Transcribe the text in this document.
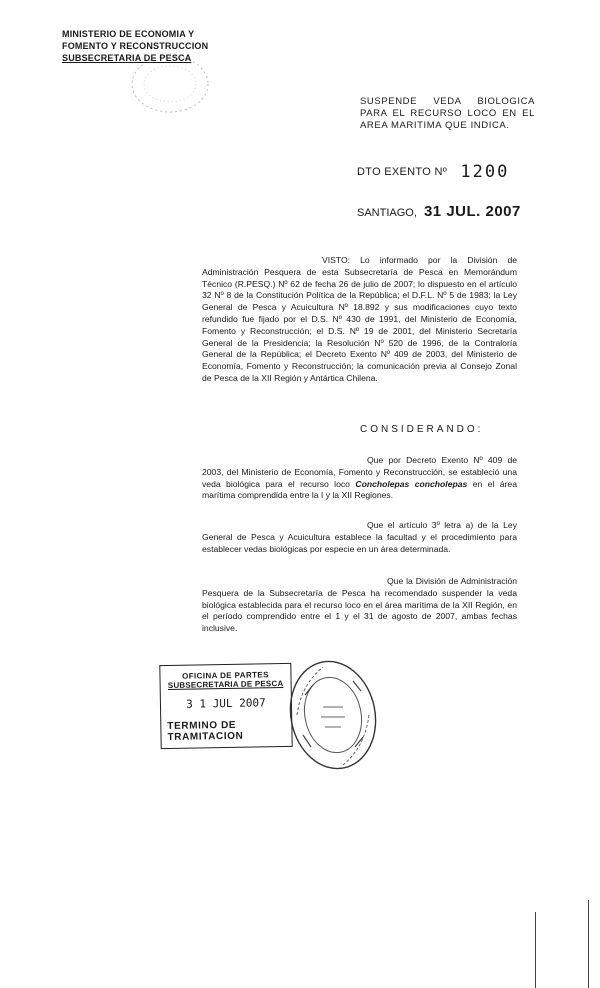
MINISTERIO DE ECONOMIA Y
FOMENTO Y RECONSTRUCCION
SUBSECRETARIA DE PESCA
SUSPENDE VEDA BIOLOGICA PARA EL RECURSO LOCO EN EL AREA MARITIMA QUE INDICA.
DTO EXENTO Nº 1200
SANTIAGO, 31 JUL. 2007
VISTO: Lo informado por la División de Administración Pesquera de esta Subsecretaría de Pesca en Memorándum Técnico (R.PESQ.) Nº 62 de fecha 26 de julio de 2007; lo dispuesto en el artículo 32 Nº 8 de la Constitución Política de la República; el D.F.L. Nº 5 de 1983; la Ley General de Pesca y Acuicultura Nº 18.892 y sus modificaciones cuyo texto refundido fue fijado por el D.S. Nº 430 de 1991, del Ministerio de Economía, Fomento y Reconstrucción; el D.S. Nº 19 de 2001, del Ministerio Secretaría General de la Presidencia; la Resolución Nº 520 de 1996, de la Contraloría General de la República; el Decreto Exento Nº 409 de 2003, del Ministerio de Economía, Fomento y Reconstrucción; la comunicación previa al Consejo Zonal de Pesca de la XII Región y Antártica Chilena.
CONSIDERANDO:
Que por Decreto Exento Nº 409 de 2003, del Ministerio de Economía, Fomento y Reconstrucción, se estableció una veda biológica para el recurso loco Concholepas concholepas en el área marítima comprendida entre la I y la XII Regiones.
Que el artículo 3º letra a) de la Ley General de Pesca y Acuicultura establece la facultad y el procedimiento para establecer vedas biológicas por especie en un área determinada.
Que la División de Administración Pesquera de la Subsecretaría de Pesca ha recomendado suspender la veda biológica establecida para el recurso loco en el área marítima de la XII Región, en el período comprendido entre el 1 y el 31 de agosto de 2007, ambas fechas inclusive.
OFICINA DE PARTES
SUBSECRETARIA DE PESCA
3 1 JUL 2007
TERMINO DE TRAMITACION
